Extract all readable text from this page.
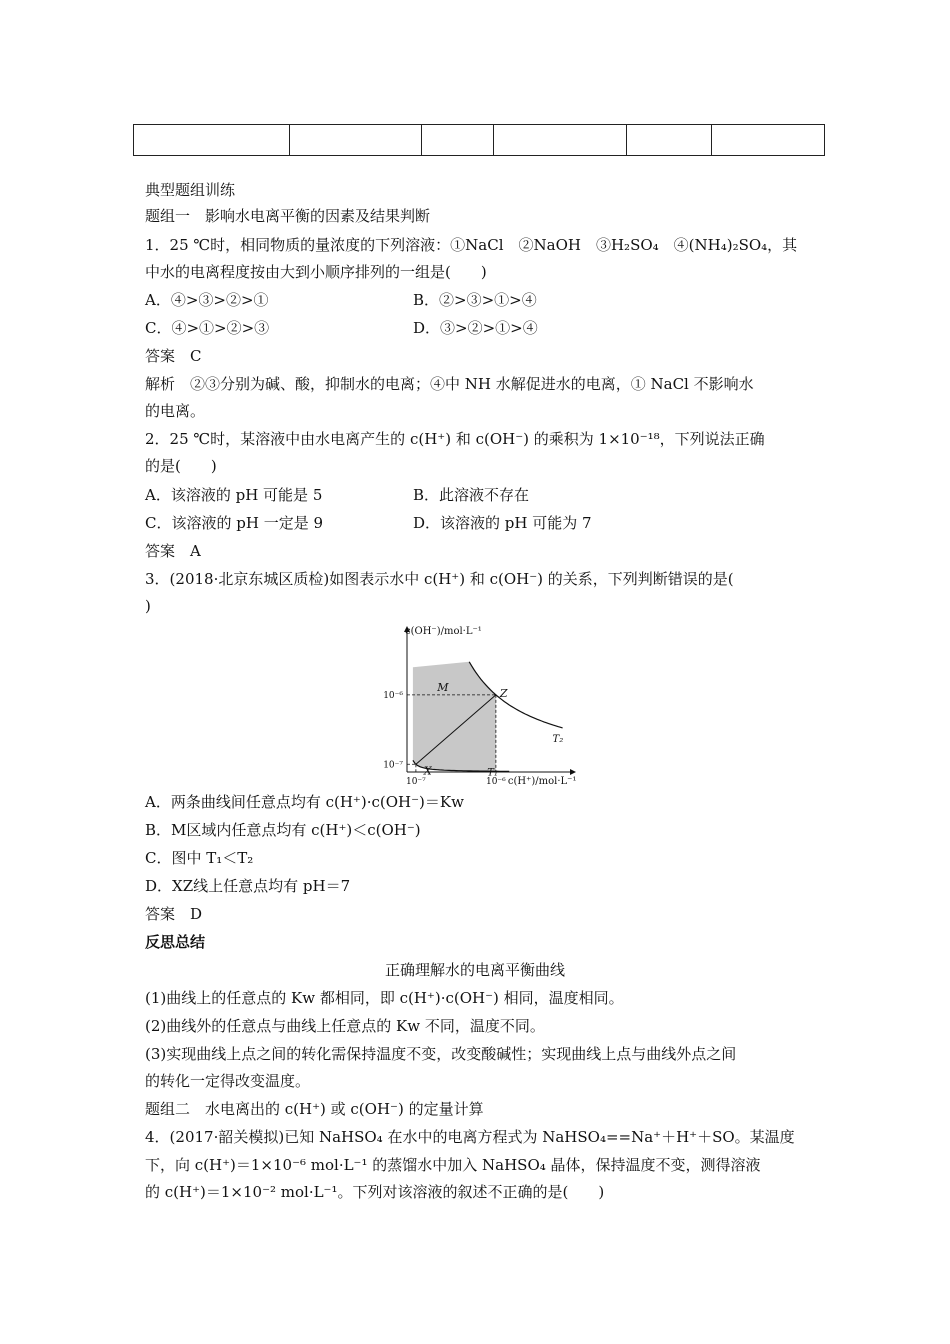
典型题组训练
题组一　影响水电离平衡的因素及结果判断
1．25 ℃时，相同物质的量浓度的下列溶液：①NaCl　②NaOH　③H₂SO₄　④(NH₄)₂SO₄，其
中水的电离程度按由大到小顺序排列的一组是(　　)
A．④>③>②>①	B．②>③>①>④
C．④>①>②>③	D．③>②>①>④
答案　C
解析　②③分别为碱、酸，抑制水的电离；④中 NH 水解促进水的电离，① NaCl 不影响水
的电离。
2．25 ℃时，某溶液中由水电离产生的 c(H⁺) 和 c(OH⁻) 的乘积为 1×10⁻¹⁸，下列说法正确
的是(　　)
A．该溶液的 pH 可能是 5	B．此溶液不存在
C．该溶液的 pH 一定是 9	D．该溶液的 pH 可能为 7
答案　A
3．(2018·北京东城区质检)如图表示水中 c(H⁺) 和 c(OH⁻) 的关系，下列判断错误的是(
)
A．两条曲线间任意点均有 c(H⁺)·c(OH⁻)＝Kw
B．M区域内任意点均有 c(H⁺)＜c(OH⁻)
C．图中 T₁＜T₂
D．XZ线上任意点均有 pH＝7
答案　D
反思总结
正确理解水的电离平衡曲线
(1)曲线上的任意点的 Kw 都相同，即 c(H⁺)·c(OH⁻) 相同，温度相同。
(2)曲线外的任意点与曲线上任意点的 Kw 不同，温度不同。
(3)实现曲线上点之间的转化需保持温度不变，改变酸碱性；实现曲线上点与曲线外点之间
的转化一定得改变温度。
题组二　水电离出的 c(H⁺) 或 c(OH⁻) 的定量计算
4．(2017·韶关模拟)已知 NaHSO₄ 在水中的电离方程式为 NaHSO₄==Na⁺＋H⁺＋SO。某温度
下，向 c(H⁺)＝1×10⁻⁶ mol·L⁻¹ 的蒸馏水中加入 NaHSO₄ 晶体，保持温度不变，测得溶液
的 c(H⁺)＝1×10⁻² mol·L⁻¹。下列对该溶液的叙述不正确的是(　　)
c(OH⁻)/mol·L⁻¹
c(H⁺)/mol·L⁻¹
10⁻⁷	10⁻⁶
10⁻⁷
10⁻⁶
M
X
Z
T₁
T₂
